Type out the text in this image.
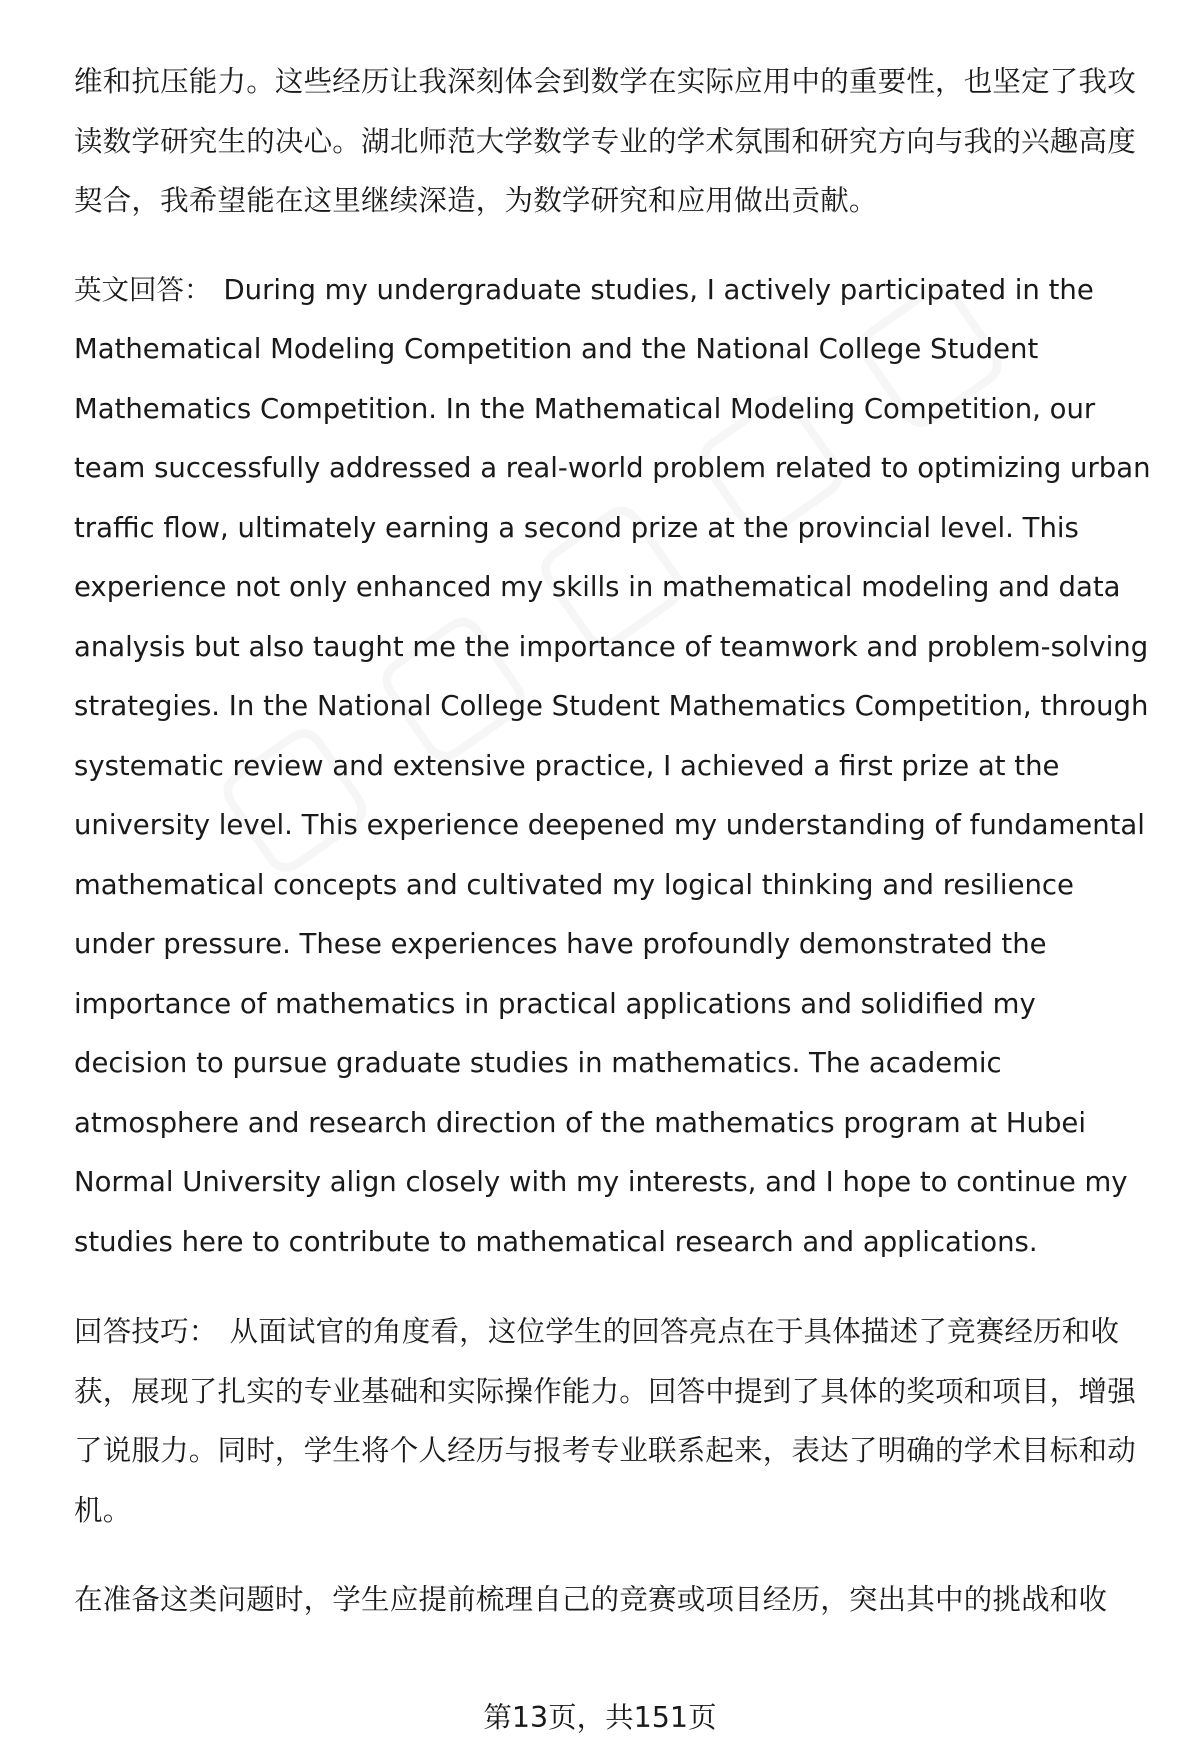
维和抗压能力。这些经历让我深刻体会到数学在实际应用中的重要性，也坚定了我攻读数学研究生的决心。湖北师范大学数学专业的学术氛围和研究方向与我的兴趣高度契合，我希望能在这里继续深造，为数学研究和应用做出贡献。

英文回答： During my undergraduate studies, I actively participated in the Mathematical Modeling Competition and the National College Student Mathematics Competition. In the Mathematical Modeling Competition, our team successfully addressed a real-world problem related to optimizing urban traffic flow, ultimately earning a second prize at the provincial level. This experience not only enhanced my skills in mathematical modeling and data analysis but also taught me the importance of teamwork and problem-solving strategies. In the National College Student Mathematics Competition, through systematic review and extensive practice, I achieved a first prize at the university level. This experience deepened my understanding of fundamental mathematical concepts and cultivated my logical thinking and resilience under pressure. These experiences have profoundly demonstrated the importance of mathematics in practical applications and solidified my decision to pursue graduate studies in mathematics. The academic atmosphere and research direction of the mathematics program at Hubei Normal University align closely with my interests, and I hope to continue my studies here to contribute to mathematical research and applications.

回答技巧： 从面试官的角度看，这位学生的回答亮点在于具体描述了竞赛经历和收获，展现了扎实的专业基础和实际操作能力。回答中提到了具体的奖项和项目，增强了说服力。同时，学生将个人经历与报考专业联系起来，表达了明确的学术目标和动机。

在准备这类问题时，学生应提前梳理自己的竞赛或项目经历，突出其中的挑战和收

第13页，共151页
